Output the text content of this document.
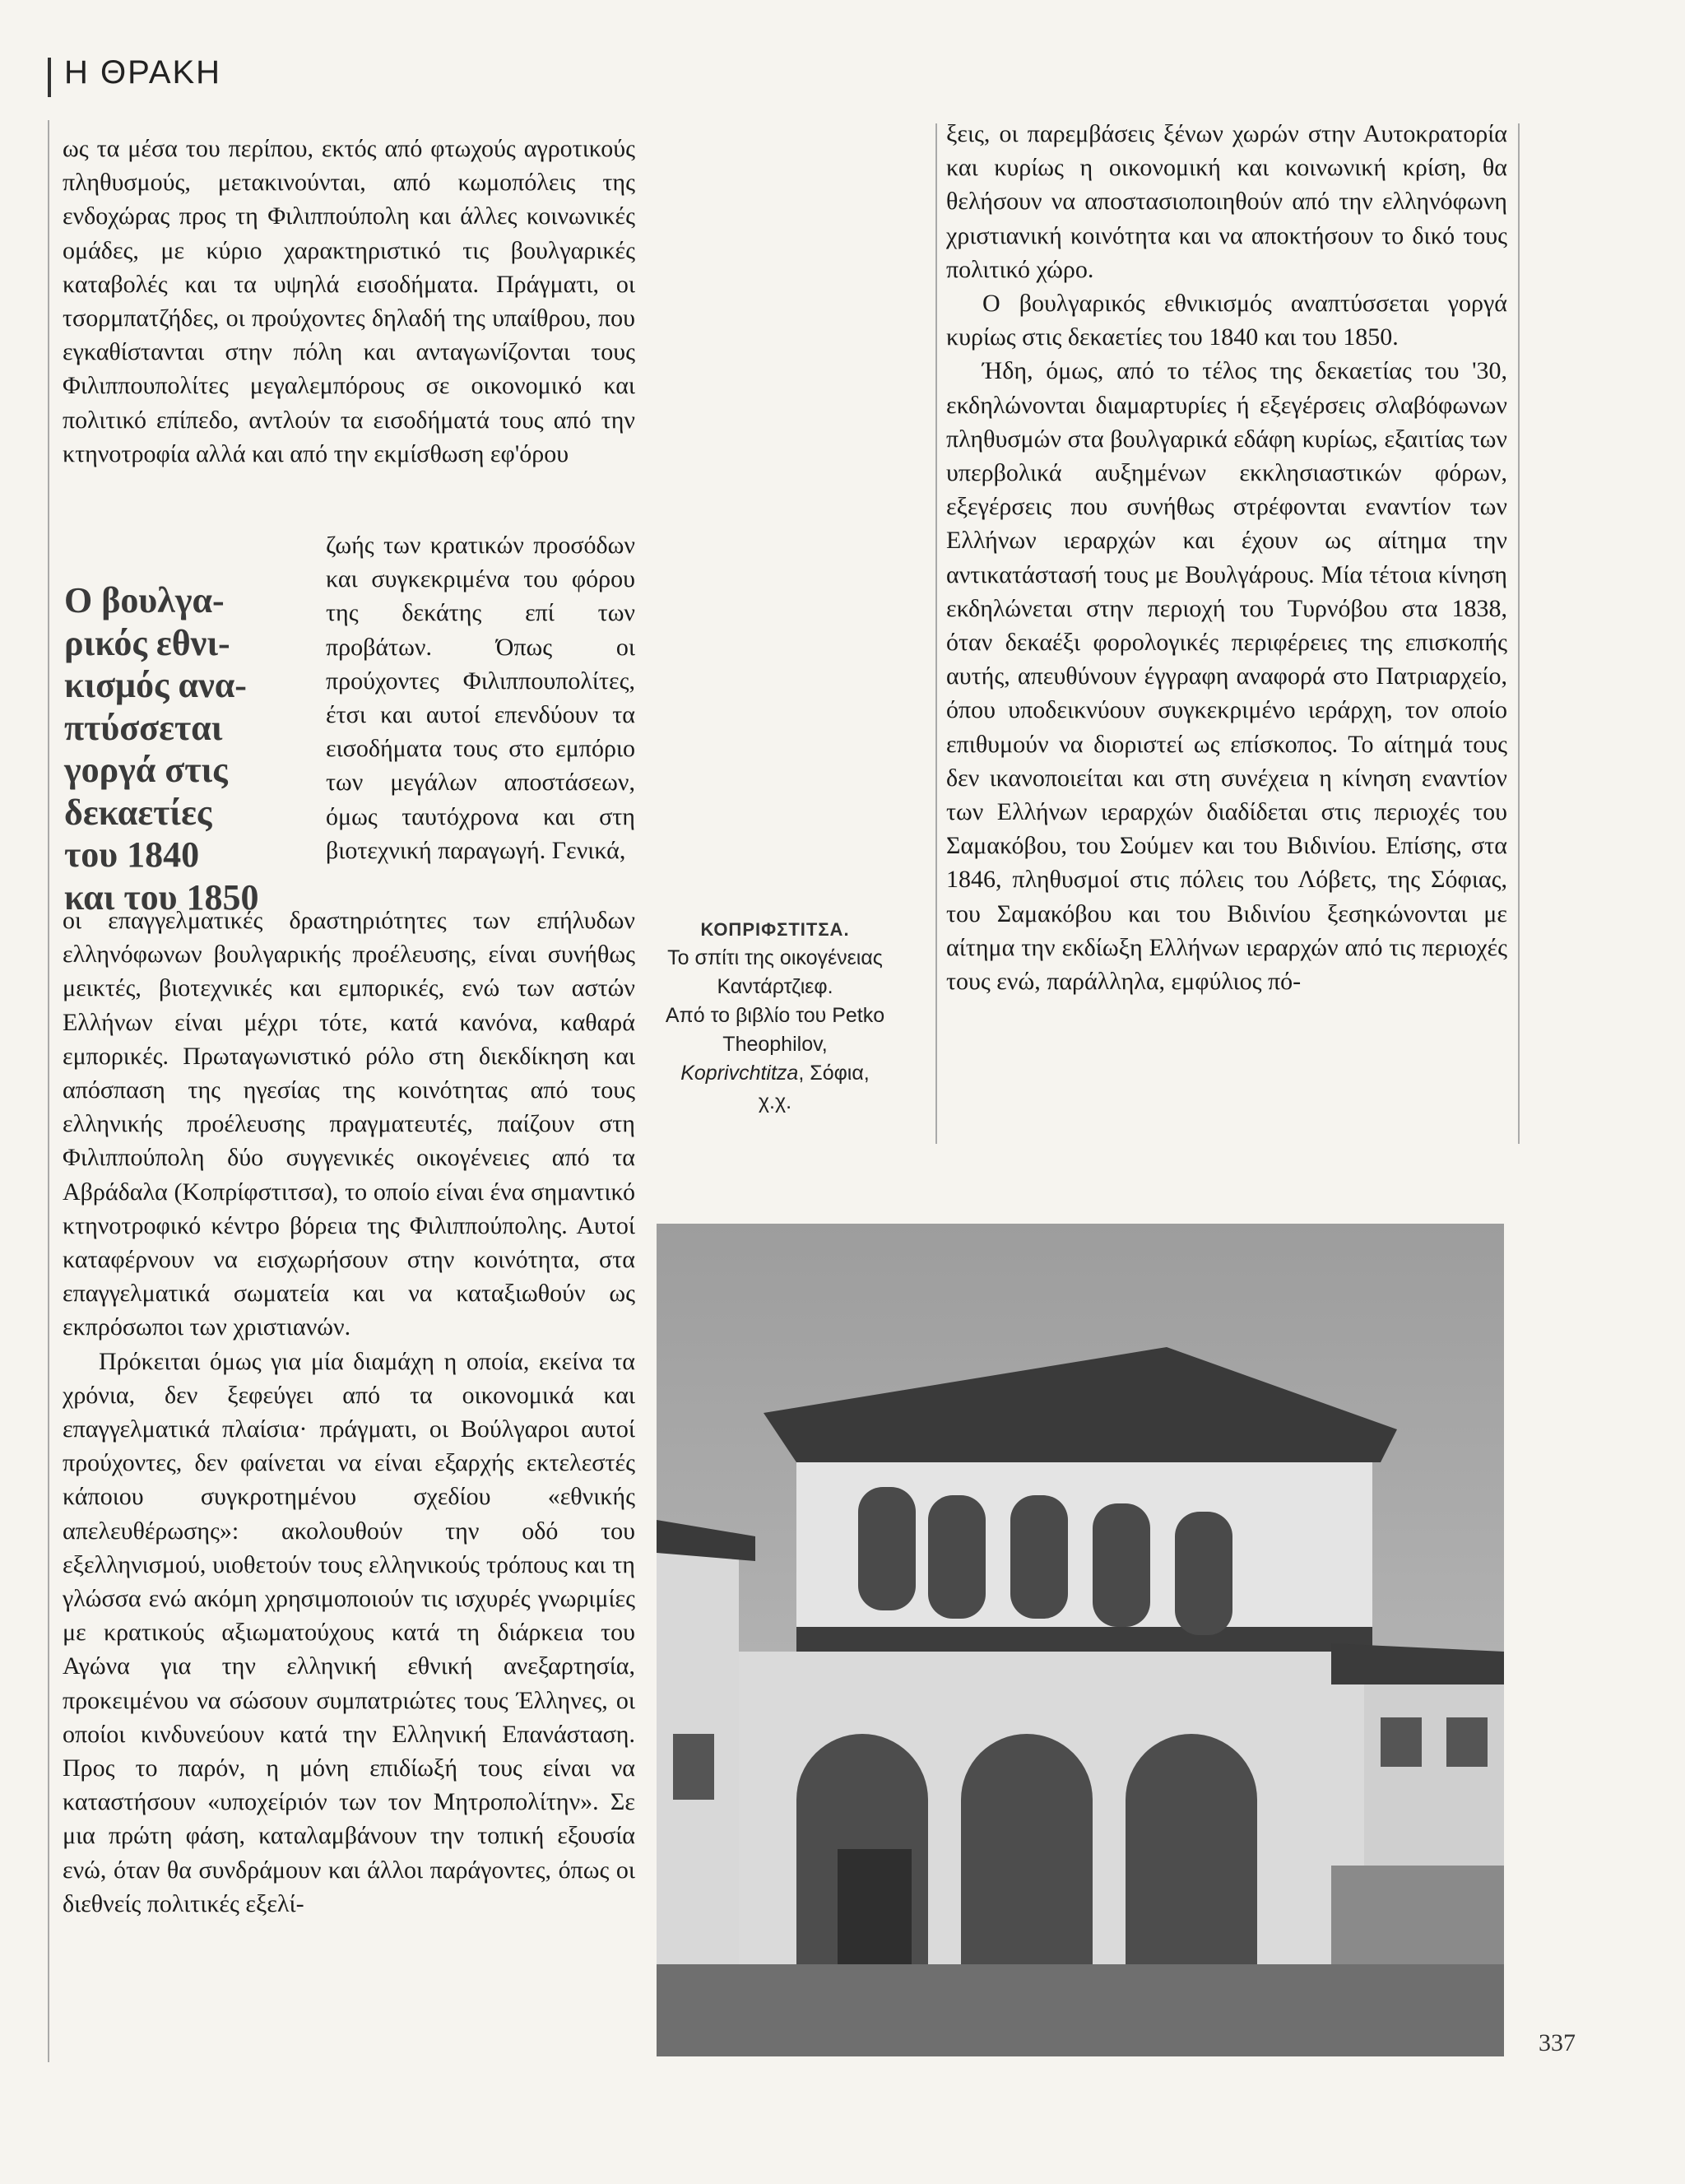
Η ΘΡΑΚΗ

ως τα μέσα του περίπου, εκτός από φτωχούς αγροτικούς πληθυσμούς, μετακινούνται, από κωμοπόλεις της ενδοχώρας προς τη Φιλιππούπολη και άλλες κοινωνικές ομάδες, με κύριο χαρακτηριστικό τις βουλγαρικές καταβολές και τα υψηλά εισοδήματα. Πράγματι, οι τσορμπατζήδες, οι προύχοντες δηλαδή της υπαίθρου, που εγκαθίστανται στην πόλη και ανταγωνίζονται τους Φιλιππουπολίτες μεγαλεμπόρους σε οικονομικό και πολιτικό επίπεδο, αντλούν τα εισοδήματά τους από την κτηνοτροφία αλλά και από την εκμίσθωση εφ'όρου

Ο βουλγα-
ρικός εθνι-
κισμός ανα-
πτύσσεται
γοργά στις
δεκαετίες
του 1840
και του 1850
ζωής των κρατικών προσόδων και συγκεκριμένα του φόρου της δεκάτης επί των προβάτων. Όπως οι προύχοντες Φιλιππουπολίτες, έτσι και αυτοί επενδύουν τα εισοδήματα τους στο εμπόριο των μεγάλων αποστάσεων, όμως ταυτόχρονα και στη βιοτεχνική παραγωγή. Γενικά,

οι επαγγελματικές δραστηριότητες των επήλυδων ελληνόφωνων βουλγαρικής προέλευσης, είναι συνήθως μεικτές, βιοτεχνικές και εμπορικές, ενώ των αστών Ελλήνων είναι μέχρι τότε, κατά κανόνα, καθαρά εμπορικές. Πρωταγωνιστικό ρόλο στη διεκδίκηση και απόσπαση της ηγεσίας της κοινότητας από τους ελληνικής προέλευσης πραγματευτές, παίζουν στη Φιλιππούπολη δύο συγγενικές οικογένειες από τα Αβράδαλα (Κοπρίφστιτσα), το οποίο είναι ένα σημαντικό κτηνοτροφικό κέντρο βόρεια της Φιλιππούπολης. Αυτοί καταφέρνουν να εισχωρήσουν στην κοινότητα, στα επαγγελματικά σωματεία και να καταξιωθούν ως εκπρόσωποι των χριστιανών.

Πρόκειται όμως για μία διαμάχη η οποία, εκείνα τα χρόνια, δεν ξεφεύγει από τα οικονομικά και επαγγελματικά πλαίσια· πράγματι, οι Βούλγαροι αυτοί προύχοντες, δεν φαίνεται να είναι εξαρχής εκτελεστές κάποιου συγκροτημένου σχεδίου «εθνικής απελευθέρωσης»: ακολουθούν την οδό του εξελληνισμού, υιοθετούν τους ελληνικούς τρόπους και τη γλώσσα ενώ ακόμη χρησιμοποιούν τις ισχυρές γνωριμίες με κρατικούς αξιωματούχους κατά τη διάρκεια του Αγώνα για την ελληνική εθνική ανεξαρτησία, προκειμένου να σώσουν συμπατριώτες τους Έλληνες, οι οποίοι κινδυνεύουν κατά την Ελληνική Επανάσταση. Προς το παρόν, η μόνη επιδίωξή τους είναι να καταστήσουν «υποχείριόν των τον Μητροπολίτην». Σε μια πρώτη φάση, καταλαμβάνουν την τοπική εξουσία ενώ, όταν θα συνδράμουν και άλλοι παράγοντες, όπως οι διεθνείς πολιτικές εξελί-

ξεις, οι παρεμβάσεις ξένων χωρών στην Αυτοκρατορία και κυρίως η οικονομική και κοινωνική κρίση, θα θελήσουν να αποστασιοποιηθούν από την ελληνόφωνη χριστιανική κοινότητα και να αποκτήσουν το δικό τους πολιτικό χώρο.

Ο βουλγαρικός εθνικισμός αναπτύσσεται γοργά κυρίως στις δεκαετίες του 1840 και του 1850.

Ήδη, όμως, από το τέλος της δεκαετίας του '30, εκδηλώνονται διαμαρτυρίες ή εξεγέρσεις σλαβόφωνων πληθυσμών στα βουλγαρικά εδάφη κυρίως, εξαιτίας των υπερβολικά αυξημένων εκκλησιαστικών φόρων, εξεγέρσεις που συνήθως στρέφονται εναντίον των Ελλήνων ιεραρχών και έχουν ως αίτημα την αντικατάστασή τους με Βουλγάρους. Μία τέτοια κίνηση εκδηλώνεται στην περιοχή του Τυρνόβου στα 1838, όταν δεκαέξι φορολογικές περιφέρειες της επισκοπής αυτής, απευθύνουν έγγραφη αναφορά στο Πατριαρχείο, όπου υποδεικνύουν συγκεκριμένο ιεράρχη, τον οποίο επιθυμούν να διοριστεί ως επίσκοπος. Το αίτημά τους δεν ικανοποιείται και στη συνέχεια η κίνηση εναντίον των Ελλήνων ιεραρχών διαδίδεται στις περιοχές του Σαμακόβου, του Σούμεν και του Βιδινίου. Επίσης, στα 1846, πληθυσμοί στις πόλεις του Λόβετς, της Σόφιας, του Σαμακόβου και του Βιδινίου ξεσηκώνονται με αίτημα την εκδίωξη Ελλήνων ιεραρχών από τις περιοχές τους ενώ, παράλληλα, εμφύλιος πό-

ΚΟΠΡΙΦΣΤΙΤΣΑ.
Το σπίτι της οικογένειας
Καντάρτζιεφ.
Από το βιβλίο του Petko
Theophilov,
Koprivchtitza, Σόφια,
χ.χ.
337
